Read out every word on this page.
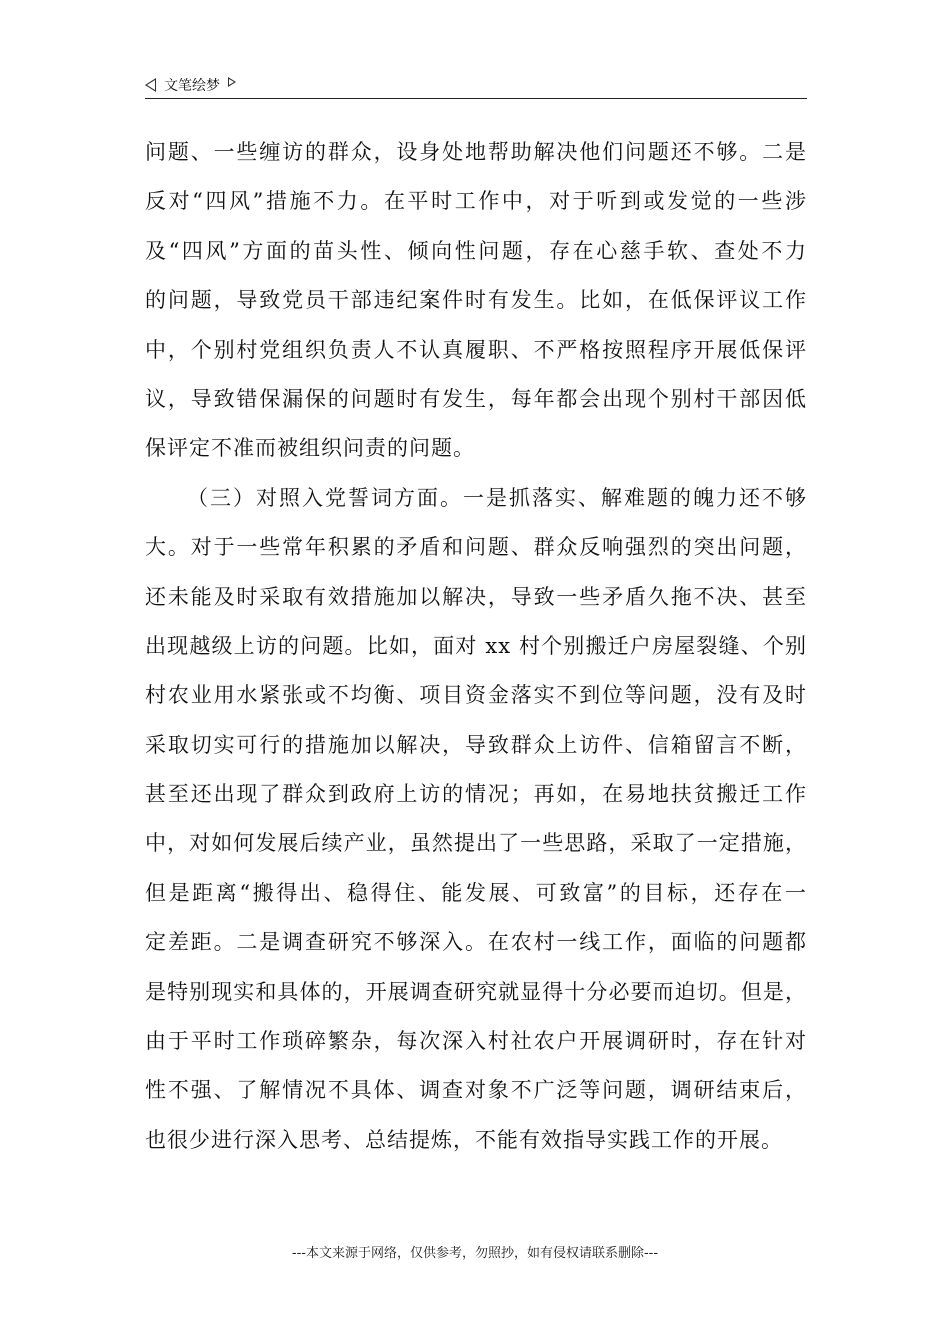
文笔绘梦
问题、一些缠访的群众，设身处地帮助解决他们问题还不够。二是
反对“四风”措施不力。在平时工作中，对于听到或发觉的一些涉
及“四风”方面的苗头性、倾向性问题，存在心慈手软、查处不力
的问题，导致党员干部违纪案件时有发生。比如，在低保评议工作
中，个别村党组织负责人不认真履职、不严格按照程序开展低保评
议，导致错保漏保的问题时有发生，每年都会出现个别村干部因低
保评定不准而被组织问责的问题。
（三）对照入党誓词方面。一是抓落实、解难题的魄力还不够
大。对于一些常年积累的矛盾和问题、群众反响强烈的突出问题，
还未能及时采取有效措施加以解决，导致一些矛盾久拖不决、甚至
出现越级上访的问题。比如，面对 xx 村个别搬迁户房屋裂缝、个别
村农业用水紧张或不均衡、项目资金落实不到位等问题，没有及时
采取切实可行的措施加以解决，导致群众上访件、信箱留言不断，
甚至还出现了群众到政府上访的情况；再如，在易地扶贫搬迁工作
中，对如何发展后续产业，虽然提出了一些思路，采取了一定措施，
但是距离“搬得出、稳得住、能发展、可致富”的目标，还存在一
定差距。二是调查研究不够深入。在农村一线工作，面临的问题都
是特别现实和具体的，开展调查研究就显得十分必要而迫切。但是，
由于平时工作琐碎繁杂，每次深入村社农户开展调研时，存在针对
性不强、了解情况不具体、调查对象不广泛等问题，调研结束后，
也很少进行深入思考、总结提炼，不能有效指导实践工作的开展。
---本文来源于网络，仅供参考，勿照抄，如有侵权请联系删除---
